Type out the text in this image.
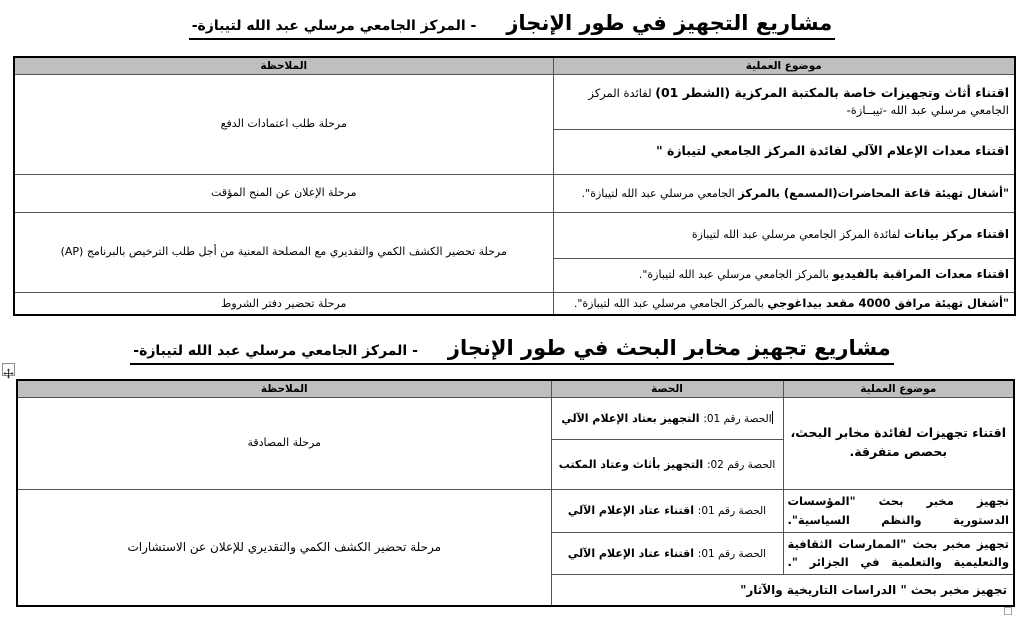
مشاريع التجهيز في طور الإنجاز- المركز الجامعي مرسلي عبد الله لتيبازة-
موضوع العملية	الملاحظة
اقتناء أثاث وتجهيزات خاصة بالمكتبة المركزية (الشطر 01) لفائدة المركز الجامعي مرسلي عبد الله -تيبــازة-	مرحلة طلب اعتمادات الدفع
اقتناء معدات الإعلام الآلي لفائدة المركز الجامعي لتيبازة "	
"أشغال تهيئة قاعة المحاضرات(المسمع) بالمركز الجامعي مرسلي عبد الله لتيبازة".	مرحلة الإعلان عن المنح المؤقت
اقتناء مركز بيانات لفائدة المركز الجامعي مرسلي عبد الله لتيبازة	مرحلة تحضير الكشف الكمي والتقديري مع المصلحة المعنية من أجل طلب الترخيص بالبرنامج (AP)
اقتناء معدات المراقبة بالفيديو بالمركز الجامعي مرسلي عبد الله لتيبازة".	
"أشغال تهيئة مرافق 4000 مقعد بيداغوجي بالمركز الجامعي مرسلي عبد الله لتيبازة".	مرحلة تحضير دفتر الشروط
مشاريع تجهيز مخابر البحث في طور الإنجاز- المركز الجامعي مرسلي عبد الله لتيبازة-
موضوع العملية	الحصة	الملاحظة
اقتناء تجهيزات لفائدة مخابر البحث، بحصص متفرقة.	الحصة رقم 01: التجهيز بعتاد الإعلام الآلي	مرحلة المصادقة
	الحصة رقم 02: التجهيز بأثاث وعتاد المكتب	
تجهيز مخبر بحث "المؤسسات الدستورية والنظم السياسية".	الحصة رقم 01: اقتناء عتاد الإعلام الآلي	مرحلة تحضير الكشف الكمي والتقديري للإعلان عن الاستشارات
تجهيز مخبر بحث "الممارسات الثقافية والتعليمية والتعلمية في الجزائر ".	الحصة رقم 01: اقتناء عتاد الإعلام الآلي	
تجهيز مخبر بحث " الدراسات التاريخية والآثار"		
